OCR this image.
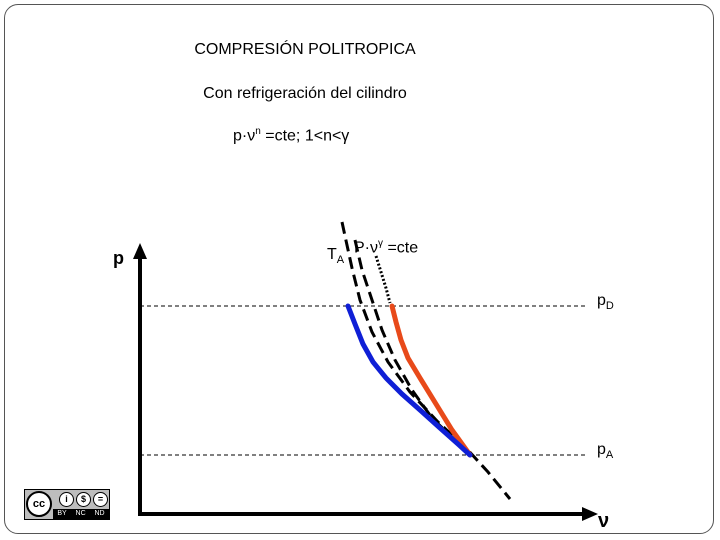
COMPRESIÓN POLITROPICA
Con refrigeración del cilindro
$p\cdot\nu^n =cte$; 1<n<γ
p
ν
$T_A$
$P\cdot\nu^\gamma =cte$
$p_D$
$p_A$
cc	i	$	=
BY NC ND
